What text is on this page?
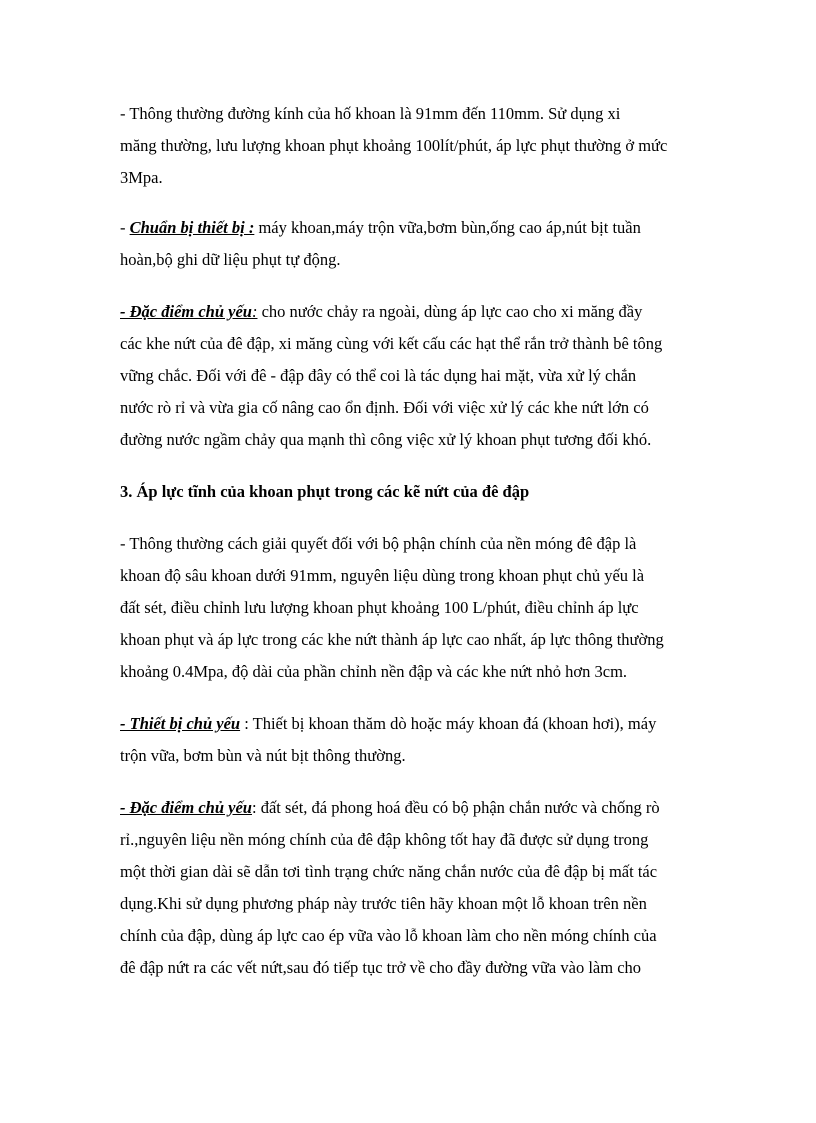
- Thông thường đường kính của hố khoan là 91mm đến 110mm. Sử dụng xi
măng thường, lưu lượng khoan phụt khoảng 100lít/phút, áp lực phụt thường ở mức
3Mpa.
- Chuẩn bị thiết bị : máy khoan,máy trộn vữa,bơm bùn,ống cao áp,nút bịt tuần
hoàn,bộ ghi dữ liệu phụt tự động.
- Đặc điểm chủ yếu: cho nước chảy ra ngoài, dùng áp lực cao cho xi măng đầy
các khe nứt của đê đập, xi măng cùng với kết cấu các hạt thể rắn trở thành bê tông
vững chắc. Đối với đê - đập đây có thể coi là tác dụng hai mặt, vừa xử lý chắn
nước rò rỉ và vừa gia cố nâng cao ổn định. Đối với việc xử lý các khe nứt lớn có
đường nước ngầm chảy qua mạnh thì công việc xử lý khoan phụt tương đối khó.
3. Áp lực tĩnh của khoan phụt trong các kẽ nứt của đê đập
- Thông thường cách giải quyết đối với bộ phận chính của nền móng đê đập là
khoan độ sâu khoan dưới 91mm, nguyên liệu dùng trong khoan phụt chủ yếu là
đất sét, điều chỉnh lưu lượng khoan phụt khoảng 100 L/phút, điều chỉnh áp lực
khoan phụt và áp lực trong các khe nứt thành áp lực cao nhất, áp lực thông thường
khoảng 0.4Mpa, độ dài của phần chỉnh nền đập và các khe nứt nhỏ hơn 3cm.
- Thiết bị chủ yếu : Thiết bị khoan thăm dò hoặc máy khoan đá (khoan hơi), máy
trộn vữa, bơm bùn và nút bịt thông thường.
- Đặc điểm chủ yếu: đất sét, đá phong hoá đều có bộ phận chắn nước và chống rò
rỉ.,nguyên liệu nền móng chính của đê đập không tốt hay đã được sử dụng trong
một thời gian dài sẽ dẫn tơi tình trạng chức năng chắn nước của đê đập bị mất tác
dụng.Khi sử dụng phương pháp này trước tiên hãy khoan một lỗ khoan trên nền
chính của đập, dùng áp lực cao ép vữa vào lỗ khoan làm cho nền móng chính của
đê đập nứt ra các vết nứt,sau đó tiếp tục trở về cho đầy đường vữa vào làm cho
